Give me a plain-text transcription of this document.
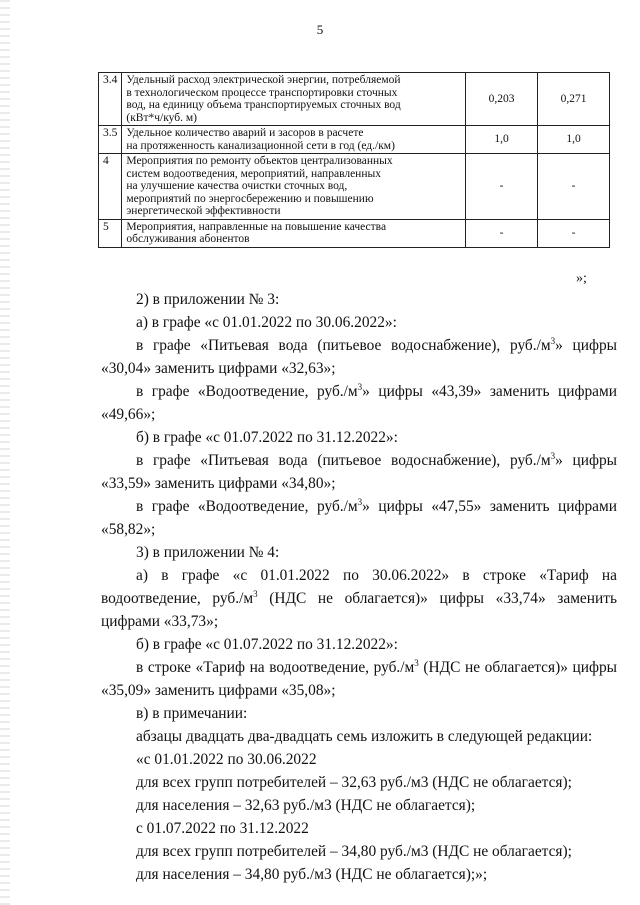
5
3.4	Удельный расход электрической энергии, потребляемой
в технологическом процессе транспортировки сточных
вод, на единицу объема транспортируемых сточных вод
(кВт*ч/куб. м)	0,203	0,271
3.5	Удельное количество аварий и засоров в расчете
на протяженность канализационной сети в год (ед./км)	1,0	1,0
4	Мероприятия по ремонту объектов централизованных
систем водоотведения, мероприятий, направленных
на улучшение качества очистки сточных вод,
мероприятий по энергосбережению и повышению
энергетической эффективности	-	-
5	Мероприятия, направленные на повышение качества
обслуживания абонентов	-	-
»;

2) в приложении № 3:

а) в графе «с 01.01.2022 по 30.06.2022»:

в графе «Питьевая вода (питьевое водоснабжение), $руб./м^3$» цифры «30,04» заменить цифрами «32,63»;

в графе «Водоотведение, $руб./м^3$» цифры «43,39» заменить цифрами «49,66»;

б) в графе «с 01.07.2022 по 31.12.2022»:

в графе «Питьевая вода (питьевое водоснабжение), $руб./м^3$» цифры «33,59» заменить цифрами «34,80»;

в графе «Водоотведение, $руб./м^3$» цифры «47,55» заменить цифрами «58,82»;

3) в приложении № 4:

а) в графе «с 01.01.2022 по 30.06.2022» в строке «Тариф на водоотведение, $руб./м^3$ (НДС не облагается)» цифры «33,74» заменить цифрами «33,73»;

б) в графе «с 01.07.2022 по 31.12.2022»:

в строке «Тариф на водоотведение, $руб./м^3$ (НДС не облагается)» цифры «35,09» заменить цифрами «35,08»;

в) в примечании:

абзацы двадцать два-двадцать семь изложить в следующей редакции:

«с 01.01.2022 по 30.06.2022

для всех групп потребителей – 32,63 руб./м3 (НДС не облагается);

для населения – 32,63 руб./м3 (НДС не облагается);

с 01.07.2022 по 31.12.2022

для всех групп потребителей – 34,80 руб./м3 (НДС не облагается);

для населения – 34,80 руб./м3 (НДС не облагается);»;
